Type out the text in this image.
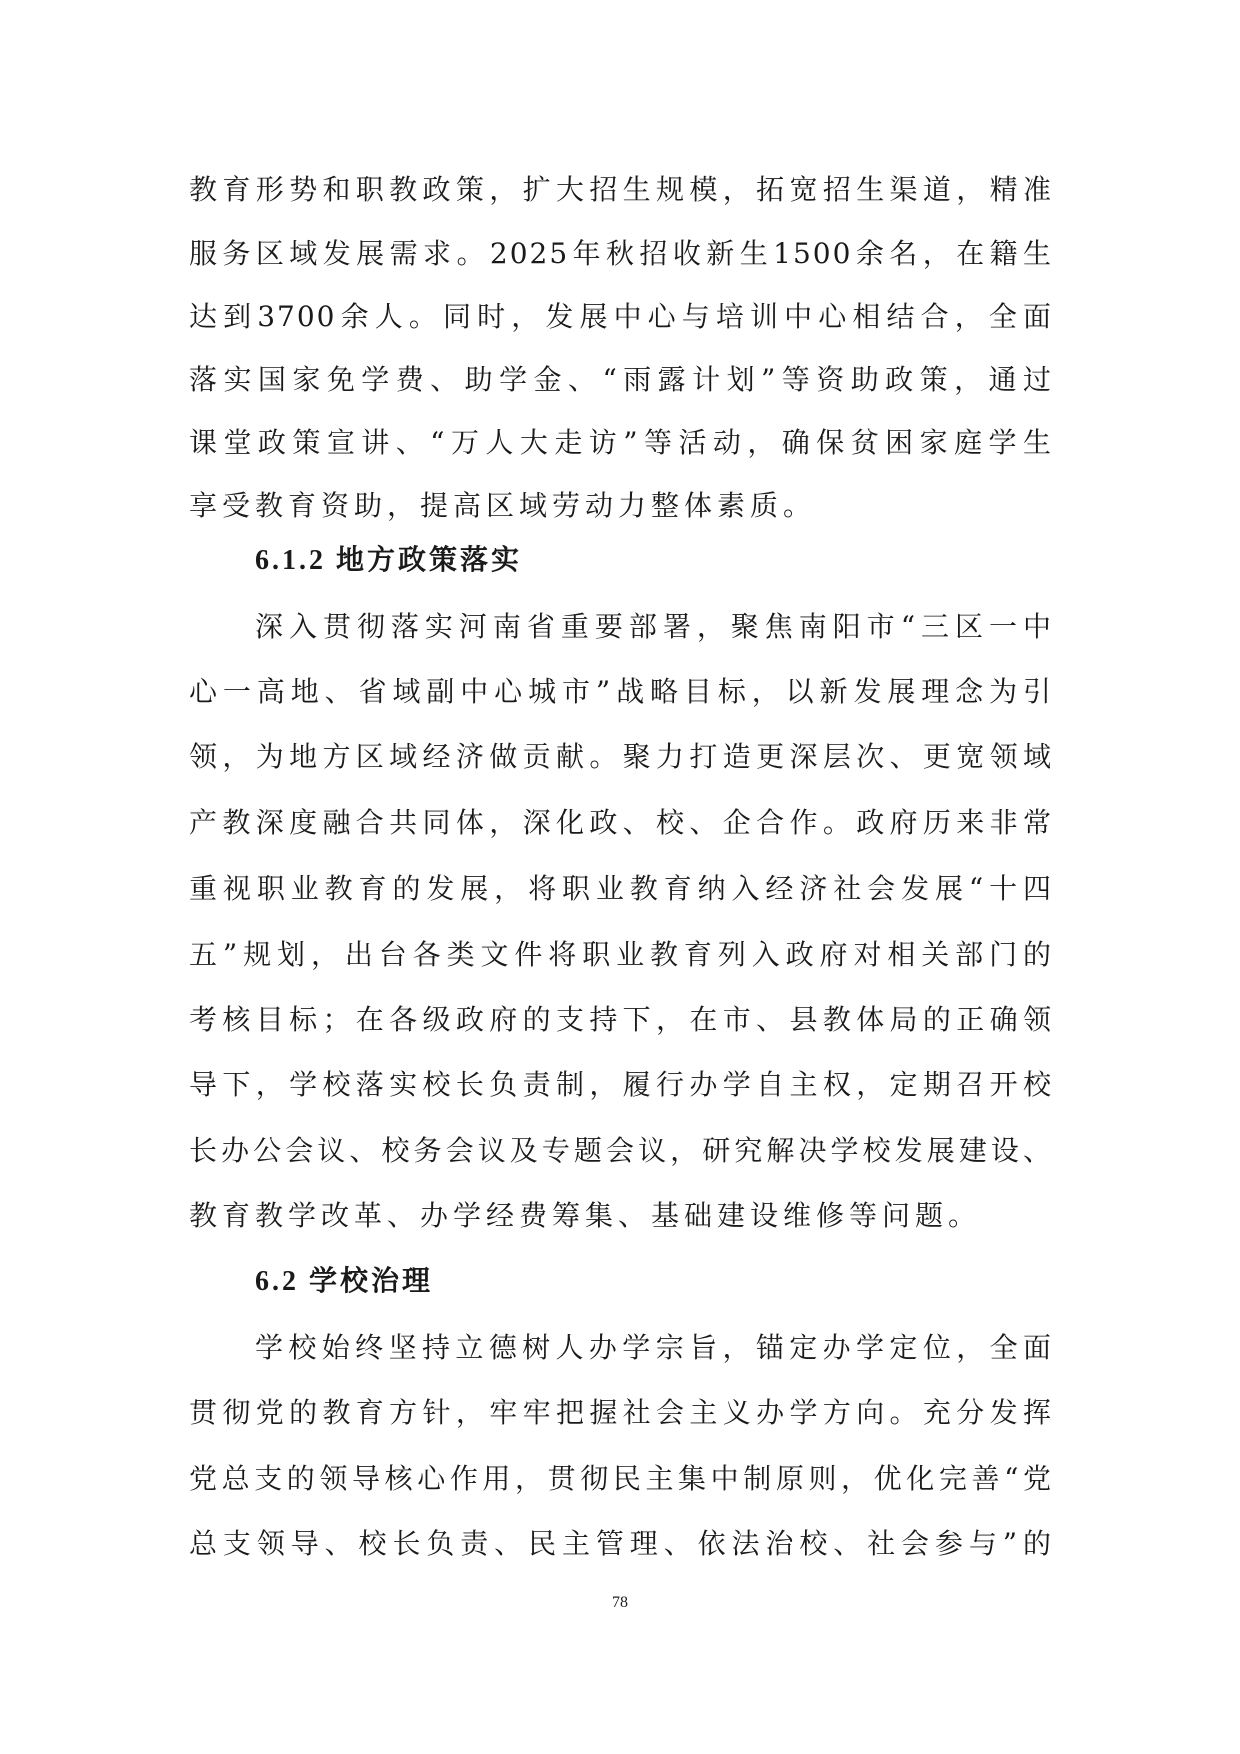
教育形势和职教政策，扩大招生规模，拓宽招生渠道，精准
服务区域发展需求。2025年秋招收新生1500余名，在籍生
达到3700余人。同时，发展中心与培训中心相结合，全面
落实国家免学费、助学金、“雨露计划”等资助政策，通过
课堂政策宣讲、“万人大走访”等活动，确保贫困家庭学生
享受教育资助，提高区域劳动力整体素质。
6.1.2 地方政策落实
深入贯彻落实河南省重要部署，聚焦南阳市“三区一中
心一高地、省域副中心城市”战略目标，以新发展理念为引
领，为地方区域经济做贡献。聚力打造更深层次、更宽领域
产教深度融合共同体，深化政、校、企合作。政府历来非常
重视职业教育的发展，将职业教育纳入经济社会发展“十四
五”规划，出台各类文件将职业教育列入政府对相关部门的
考核目标；在各级政府的支持下，在市、县教体局的正确领
导下，学校落实校长负责制，履行办学自主权，定期召开校
长办公会议、校务会议及专题会议，研究解决学校发展建设、
教育教学改革、办学经费筹集、基础建设维修等问题。
6.2 学校治理
学校始终坚持立德树人办学宗旨，锚定办学定位，全面
贯彻党的教育方针，牢牢把握社会主义办学方向。充分发挥
党总支的领导核心作用，贯彻民主集中制原则，优化完善“党
总支领导、校长负责、民主管理、依法治校、社会参与”的
78
